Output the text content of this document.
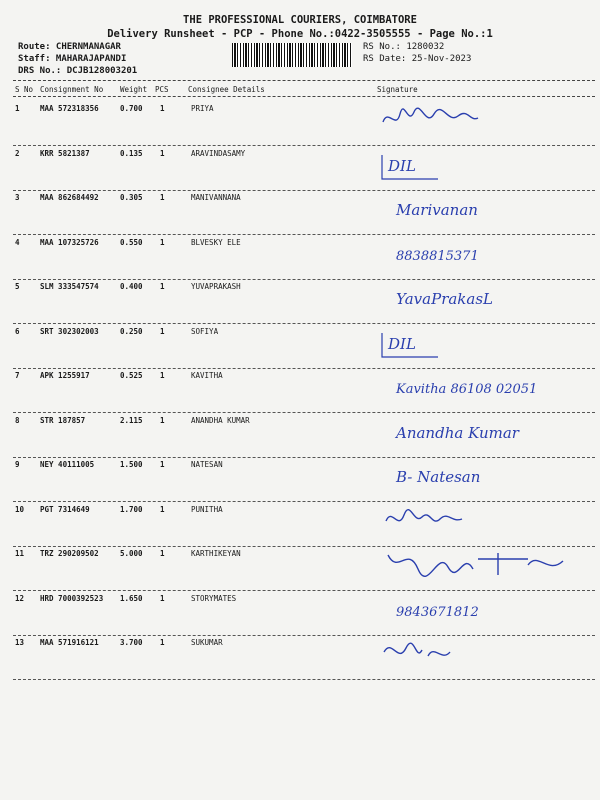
THE PROFESSIONAL COURIERS, COIMBATORE
Delivery Runsheet - PCP - Phone No.:0422-3505555 - Page No.:1
Route: CHERNMANAGAR
Staff: MAHARAJAPANDI
DRS No.: DCJB128003201
RS No.: 1280032
RS Date: 25-Nov-2023
S No Consignment No Weight PCS	Consignee Details	Signature
1	MAA 572318356	0.700 1	PRIYA
2	KRR 5821387	0.135 1	ARAVINDASAMY
DIL
3	MAA 862684492	0.305 1	MANIVANNANA
Marivanan
4	MAA 107325726	0.550 1	BLVESKY ELE
8838815371
5	SLM 333547574	0.400 1	YUVAPRAKASH
YavaPrakasL
6	SRT 302302003	0.250 1	SOFIYA
DIL
7	APK 1255917	0.525 1	KAVITHA
Kavitha 86108 02051
8	STR 187857	2.115 1	ANANDHA KUMAR
Anandha Kumar
9	NEY 40111005	1.500 1	NATESAN
B- Natesan
10 PGT 7314649	1.700 1	PUNITHA
11 TRZ 290209502	5.000 1	KARTHIKEYAN
12 HRD 7000392523 1.650 1	STORYMATES
9843671812
13 MAA 571916121	3.700 1	SUKUMAR
